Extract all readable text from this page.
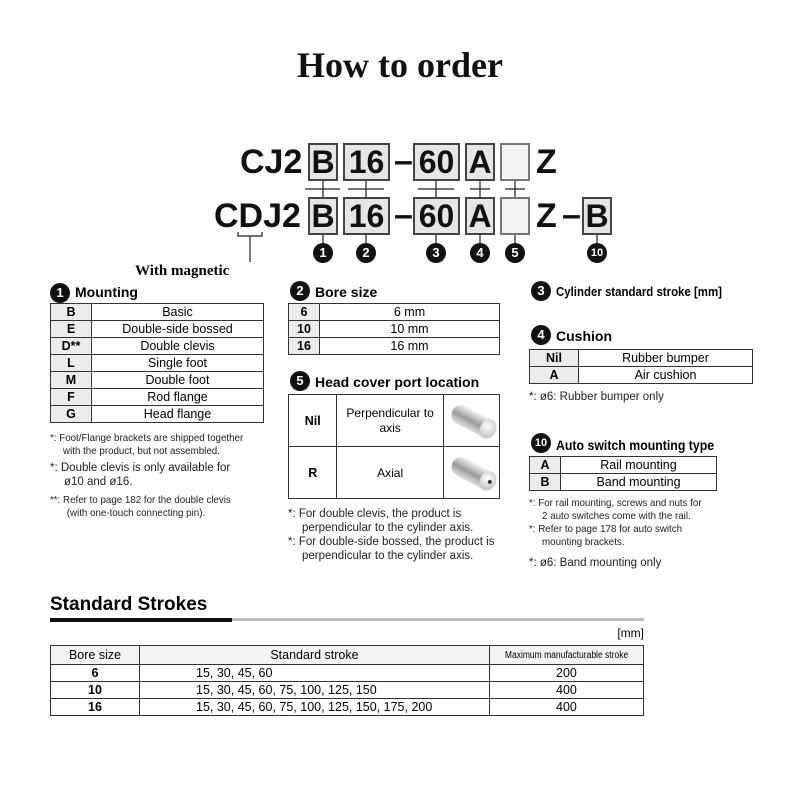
How to order
CJ2 B 16 – 60 A Z
CDJ2 B 16 – 60 A Z – B
1	2	3	4	5	10
With magnetic
1 Mounting
B	Basic
E	Double-side bossed
D**	Double clevis
L	Single foot
M	Double foot
F	Rod flange
G	Head flange
*: Foot/Flange brackets are shipped together
with the product, but not assembled.
*: Double clevis is only available for
ø10 and ø16.
**: Refer to page 182 for the double clevis
(with one-touch connecting pin).
2 Bore size
6	6 mm
10	10 mm
16	16 mm
5 Head cover port location
Nil	Perpendicular to axis	

R	Axial	
*: For double clevis, the product is
perpendicular to the cylinder axis.
*: For double-side bossed, the product is
perpendicular to the cylinder axis.
3 Cylinder standard stroke [mm]
4 Cushion
Nil	Rubber bumper
A	Air cushion
*: ø6: Rubber bumper only
10 Auto switch mounting type
A	Rail mounting
B	Band mounting
*: For rail mounting, screws and nuts for
2 auto switches come with the rail.
*: Refer to page 178 for auto switch
mounting brackets.
*: ø6: Band mounting only
Standard Strokes
[mm]
Bore size	Standard stroke	Maximum manufacturable stroke
6	15, 30, 45, 60	200
10	15, 30, 45, 60, 75, 100, 125, 150	400
16	15, 30, 45, 60, 75, 100, 125, 150, 175, 200	400
